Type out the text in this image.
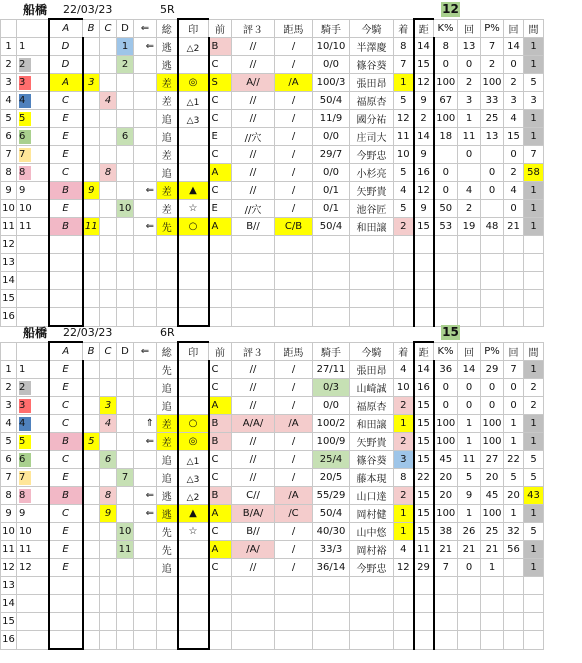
船橋 22/03/23	5R	12
		A	B	C	D	⇐	総	印	前	評３	距馬	騎手	今騎	着	距	K%	回	P%	回	間
1	1	D			1	⇐	逃	△2	B	//	/	10/10	半澤慶	8	14	8	13	7	14	1
2	2	D			2		逃		C	//	/	0/0	篠谷葵	7	15	0	0	2	0	1
3	3	A	3				差	◎	S	A//	/A	100/3	張田昂	1	12	100	2	100	2	5
4	4	C		4			差	△1	C	//	/	50/4	福原杏	5	9	67	3	33	3	3
5	5	E					追	△3	C	//	/	11/9	國分祐	12	2	100	1	25	4	1
6	6	E			6		追		E	//穴	/	0/0	庄司大	11	14	18	11	13	15	1
7	7	E					差		C	//	/	29/7	今野忠	10	9		0		0	7
8	8	C		8			追		A	//	/	0/0	小杉亮	5	16	0		0	2	58
9	9	B	9			⇐	差	▲	C	//	/	0/1	矢野貴	4	12	0	4	0	4	1
10	10	E			10		差	☆	E	//穴	/	0/1	池谷匠	5	9	50	2		0	1
11	11	B	11			⇐	先	○	A	B//	C/B	50/4	和田譲	2	15	53	19	48	21	1
12																				
13																				
14																				
15																				
16																				
船橋 22/03/23	6R	15
		A	B	C	D	⇐	総	印	前	評３	距馬	騎手	今騎	着	距	K%	回	P%	回	間
1	1	E					先		C	//	/	27/11	張田昂	4	14	36	14	29	7	1
2	2	E					追		C	//	/	0/3	山崎誠	10	16	0	0	0	0	2
3	3	C		3			追		A	//	/	0/0	福原杏	2	15	0	0	0	0	2
4	4	C		4		⇑	差	○	B	A/A/	/A	100/2	和田譲	1	15	100	1	100	1	1
5	5	B	5			⇐	差	◎	B	//	/	100/9	矢野貴	2	15	100	1	100	1	1
6	6	C		6			追	△1	C	//	/	25/4	篠谷葵	3	15	45	11	27	22	5
7	7	E			7		追	△3	C	//	/	20/5	藤本現	8	22	20	5	20	5	5
8	8	B		8		⇐	逃	△2	B	C//	/A	55/29	山口達	2	15	20	9	45	20	43
9	9	C		9		⇐	逃	▲	A	B/A/	/C	50/4	岡村健	1	15	100	1	100	1	1
10	10	E			10		先	☆	C	B//	/	40/30	山中悠	1	15	38	26	25	32	5
11	11	E			11		先		A	/A/	/	33/3	岡村裕	4	11	21	21	21	56	1
12	12	E					追		C	//	/	36/14	今野忠	12	29	7	0	1		1
13																				
14																				
15																				
16																				
